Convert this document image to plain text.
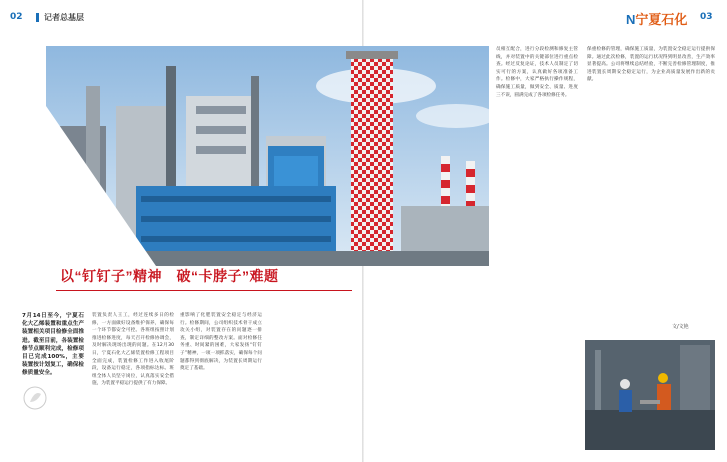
02	记者总基层	03
N宁夏石化
以“钉钉子”精神　破“卡脖子”难题
7月14日至今，宁夏石化大乙烯装置和重点生产装置相关项目检修全面推进。截至目前，各装置检修节点顺利完成，检修项目已完成100%，主要装置按计划复工，确保检修质量安全。
装置负责人王工，经过连续多日的检修，一方面做好设备维护保养，确保每一个环节都安全可控。各班组按照计划推进检修进度，每天召开检修协调会，及时解决现场出现的问题。在12月30日，宁夏石化大乙烯装置检修工程项目全面完成，装置检修工作进入收尾阶段，设备运行稳定，各项指标达标。班组全体人员坚守岗位，认真落实安全措施，为装置平稳运行提供了有力保障。
重影响了化肥装置安全稳定与经济运行。检修期间，公司组织技术骨干成立攻关小组，对装置存在的问题逐一排查，制定详细的整改方案。面对检修任务重、时间紧的困难，大家发扬“钉钉子”精神，一项一项抓落实，确保每个问题都得到彻底解决，为装置长周期运行奠定了基础。
员相互配合，进行分段检测和修复主管线，并对装置中的关键部位进行重点检查。经过反复论证，技术人员制定了切实可行的方案，认真做好各项准备工作。检修中，大家严格执行操作规程，确保施工质量，做到安全、质量、进度三不误，圆满完成了各项检修任务。
保重检修的管理，确保施工质量，为装置安全稳定运行提供保障。通过此次检修，装置的运行状况得到明显改善，生产效率显著提高。公司将继续总结经验，不断完善检修管理制度，推进装置长周期安全稳定运行，为企业高质量发展作出新的贡献。
文/文艳
